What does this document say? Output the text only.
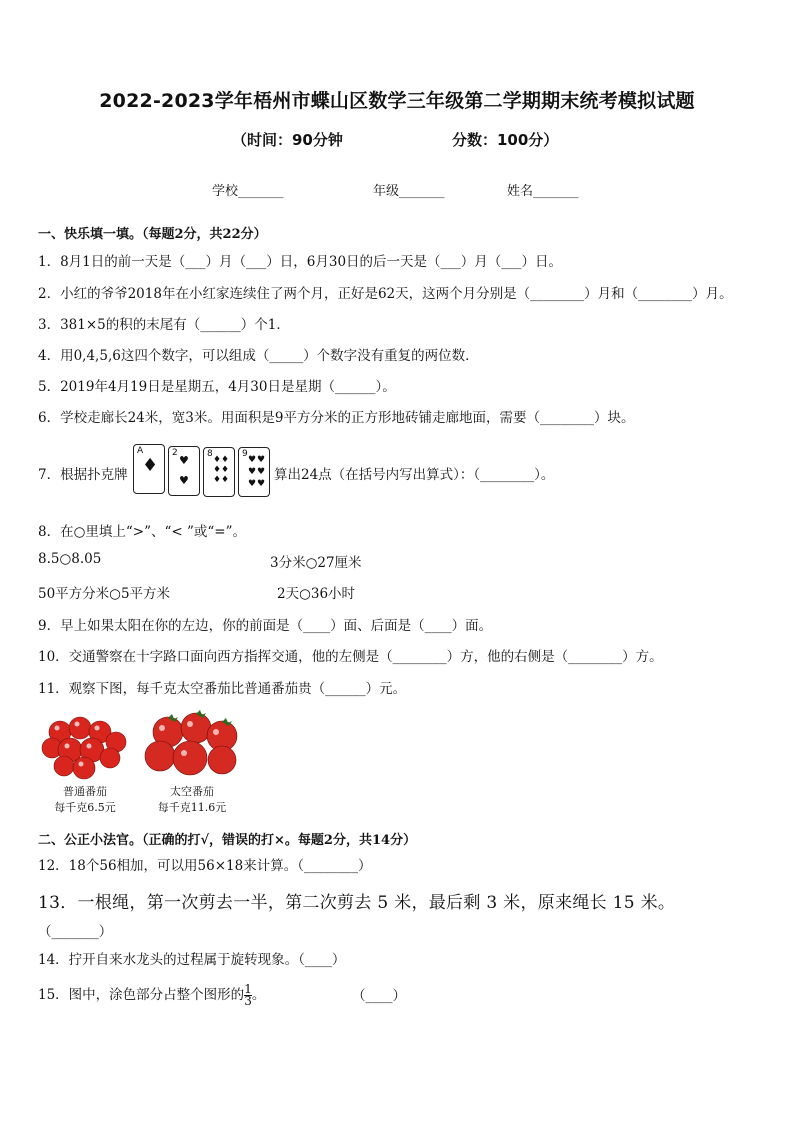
2022-2023学年梧州市蝶山区数学三年级第二学期期末统考模拟试题
（时间：90分钟	分数：100分）
学校_______	年级_______	姓名_______
一、快乐填一填。（每题2分，共22分）
1．8月1日的前一天是（___）月（___）日，6月30日的后一天是（___）月（___）日。
2．小红的爷爷2018年在小红家连续住了两个月，正好是62天，这两个月分别是（________）月和（________）月。
3．381×5的积的末尾有（______）个1．
4．用0,4,5,6这四个数字，可以组成（_____）个数字没有重复的两位数．
5．2019年4月19日是星期五，4月30日是星期（______）。
6．学校走廊长24米，宽3米。用面积是9平方分米的正方形地砖铺走廊地面，需要（________）块。
7．根据扑克牌
A
♦
2
♥
♥
8
♦ ♦
♦ ♦
♦ ♦
9
♥ ♥
♥ ♥
♥ ♥
算出24点（在括号内写出算式）：（________）。
8．在○里填上“>”、“< ”或“=”。
8.5○8.05	3分米○27厘米
50平方分米○5平方米	2天○36小时
9．早上如果太阳在你的左边，你的前面是（____）面、后面是（____）面。
10．交通警察在十字路口面向西方指挥交通，他的左侧是（________）方，他的右侧是（________）方。
11．观察下图，每千克太空番茄比普通番茄贵（______）元。
普通番茄
每千克6.5元
太空番茄
每千克11.6元
二、公正小法官。（正确的打√，错误的打×。每题2分，共14分）
12．18个56相加，可以用56×18来计算。（________）
13．一根绳，第一次剪去一半，第二次剪去 5 米，最后剩 3 米，原来绳长 15 米。
（_______）
14．拧开自来水龙头的过程属于旋转现象。（____）
15．图中，涂色部分占整个图形的 $\frac{1}{3}$ 。	（____）
